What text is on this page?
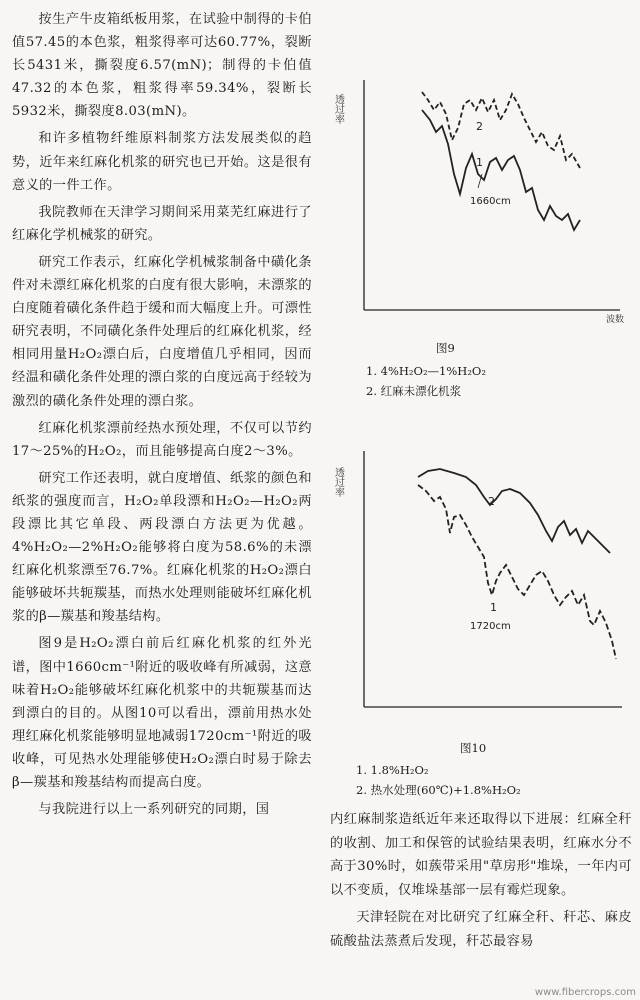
按生产牛皮箱纸板用浆，在试验中制得的卡伯值57.45的本色浆，粗浆得率可达60.77%，裂断长5431米，撕裂度6.57(mN)；制得的卡伯值47.32的本色浆，粗浆得率59.34%，裂断长5932米，撕裂度8.03(mN)。

和许多植物纤维原料制浆方法发展类似的趋势，近年来红麻化机浆的研究也已开始。这是很有意义的一件工作。

我院教师在天津学习期间采用菜芜红麻进行了红麻化学机械浆的研究。

研究工作表示，红麻化学机械浆制备中磺化条件对未漂红麻化机浆的白度有很大影响，未漂浆的白度随着磺化条件趋于缓和而大幅度上升。可漂性研究表明，不同磺化条件处理后的红麻化机浆，经相同用量H₂O₂漂白后，白度增值几乎相同，因而经温和磺化条件处理的漂白浆的白度远高于经较为激烈的磺化条件处理的漂白浆。

红麻化机浆漂前经热水预处理，不仅可以节约17～25%的H₂O₂，而且能够提高白度2～3%。

研究工作还表明，就白度增值、纸浆的颜色和纸浆的强度而言，H₂O₂单段漂和H₂O₂—H₂O₂两段漂比其它单段、两段漂白方法更为优越。4%H₂O₂—2%H₂O₂能够将白度为58.6%的未漂红麻化机浆漂至76.7%。红麻化机浆的H₂O₂漂白能够破坏共轭羰基，而热水处理则能破坏红麻化机浆的β—羰基和羧基结构。

图9是H₂O₂漂白前后红麻化机浆的红外光谱，图中1660cm⁻¹附近的吸收峰有所减弱，这意味着H₂O₂能够破坏红麻化机浆中的共轭羰基而达到漂白的目的。从图10可以看出，漂前用热水处理红麻化机浆能够明显地减弱1720cm⁻¹附近的吸收峰，可见热水处理能够使H₂O₂漂白时易于除去β—羰基和羧基结构而提高白度。

与我院进行以上一系列研究的同期，国

透过率
波数
2
1
1660cm
图9
1. 4%H₂O₂—1%H₂O₂
2. 红麻未漂化机浆
透过率
2
1
1720cm
图10
1. 1.8%H₂O₂
2. 热水处理(60℃)+1.8%H₂O₂

内红麻制浆造纸近年来还取得以下进展：红麻全秆的收割、加工和保管的试验结果表明，红麻水分不高于30%时，如蔟带采用"草房形"堆垛，一年内可以不变质，仅堆垛基部一层有霉烂现象。

天津轻院在对比研究了红麻全秆、秆芯、麻皮硫酸盐法蒸煮后发现，秆芯最容易

www.fibercrops.com
